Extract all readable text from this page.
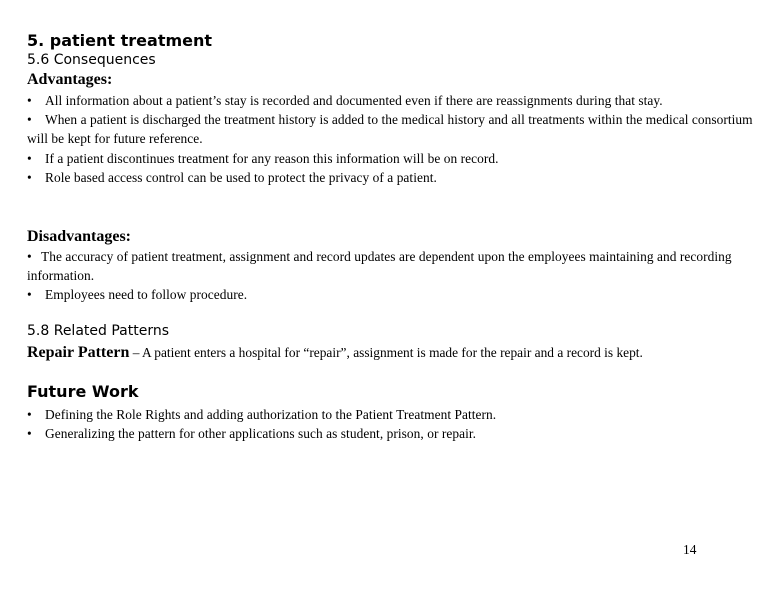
5. patient treatment
5.6 Consequences
Advantages:

• All information about a patient’s stay is recorded and documented even if there are reassignments during that stay.

• When a patient is discharged the treatment history is added to the medical history and all treatments within the medical consortium will be kept for future reference.

• If a patient discontinues treatment for any reason this information will be on record.

• Role based access control can be used to protect the privacy of a patient.

Disadvantages:

• The accuracy of patient treatment, assignment and record updates are dependent upon the employees maintaining and recording information.

• Employees need to follow procedure.

5.8 Related Patterns
Repair Pattern – A patient enters a hospital for “repair”, assignment is made for the repair and a record is kept.
Future Work

• Defining the Role Rights and adding authorization to the Patient Treatment Pattern.

• Generalizing the pattern for other applications such as student, prison, or repair.

14
